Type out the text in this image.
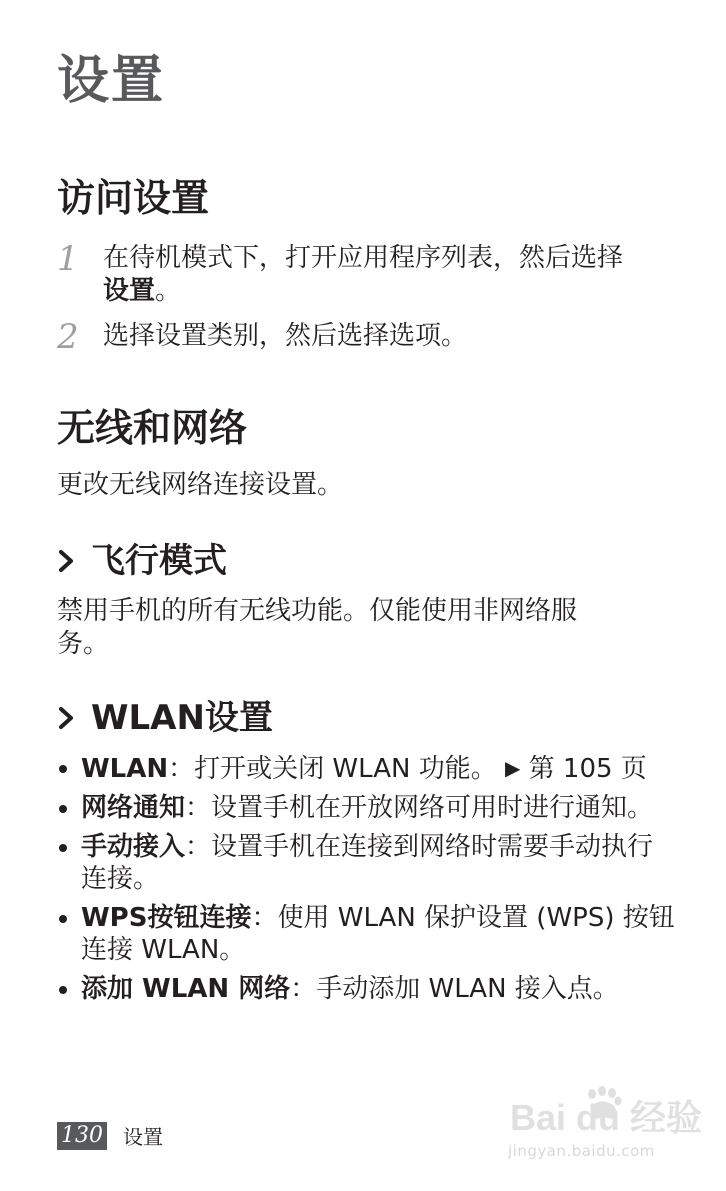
设置
访问设置
1 在待机模式下，打开应用程序列表，然后选择
设置。
2 选择设置类别，然后选择选项。
无线和网络
更改无线网络连接设置。
飞行模式
禁用手机的所有无线功能。仅能使用非网络服务。
WLAN设置
WLAN：打开或关闭 WLAN 功能。 ▶ 第 105 页
网络通知：设置手机在开放网络可用时进行通知。
手动接入：设置手机在连接到网络时需要手动执行连接。
WPS按钮连接：使用 WLAN 保护设置 (WPS) 按钮连接 WLAN。
添加 WLAN 网络：手动添加 WLAN 接入点。
130 设置	Bai du 经验
jingyan.baidu.com
